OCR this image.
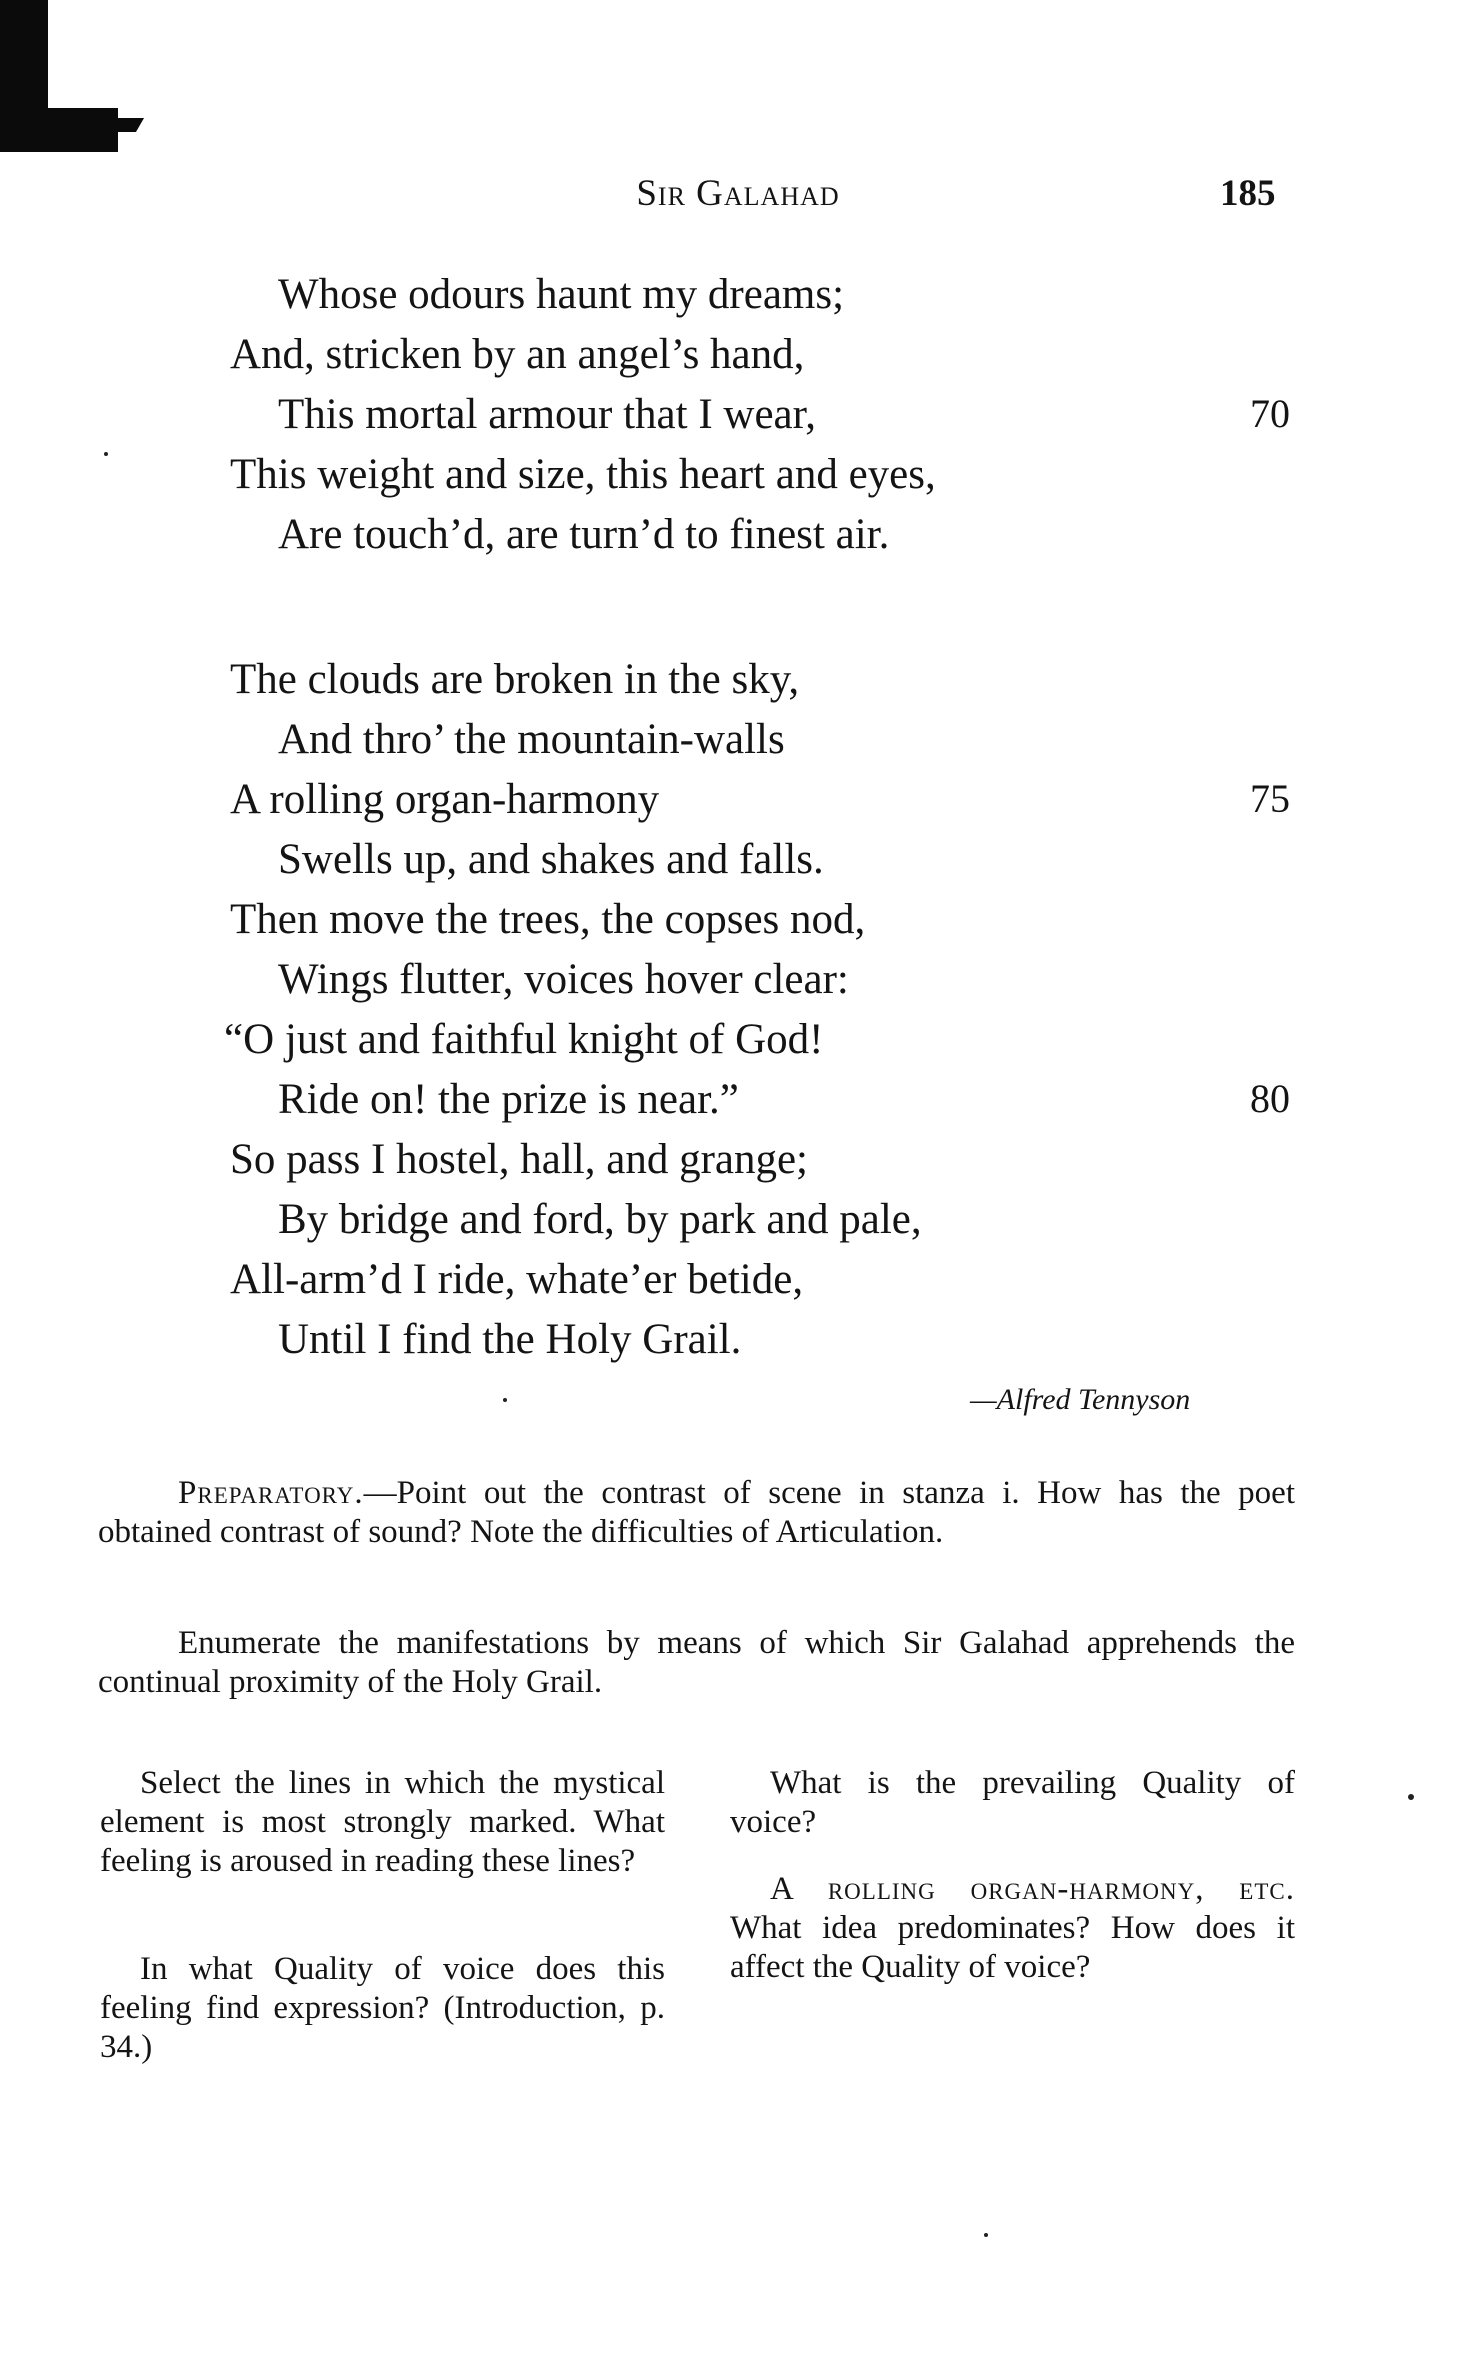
Sir Galahad	185
Whose odours haunt my dreams;
And, stricken by an angel’s hand,
This mortal armour that I wear,	70
This weight and size, this heart and eyes,
Are touch’d, are turn’d to finest air.
The clouds are broken in the sky,
And thro’ the mountain-walls
A rolling organ-harmony	75
Swells up, and shakes and falls.
Then move the trees, the copses nod,
Wings flutter, voices hover clear:
“O just and faithful knight of God!
Ride on! the prize is near.”	80
So pass I hostel, hall, and grange;
By bridge and ford, by park and pale,
All-arm’d I ride, whate’er betide,
Until I find the Holy Grail.
—Alfred Tennyson

Preparatory.—Point out the contrast of scene in stanza i. How has the poet obtained contrast of sound? Note the difficulties of Articulation.

Enumerate the manifestations by means of which Sir Galahad apprehends the continual proximity of the Holy Grail.

Select the lines in which the mystical element is most strongly marked. What feeling is aroused in reading these lines?

In what Quality of voice does this feeling find expression? (Introduction, p. 34.)

What is the prevailing Quality of voice?

A rolling organ-harmony, etc. What idea predominates? How does it affect the Quality of voice?
